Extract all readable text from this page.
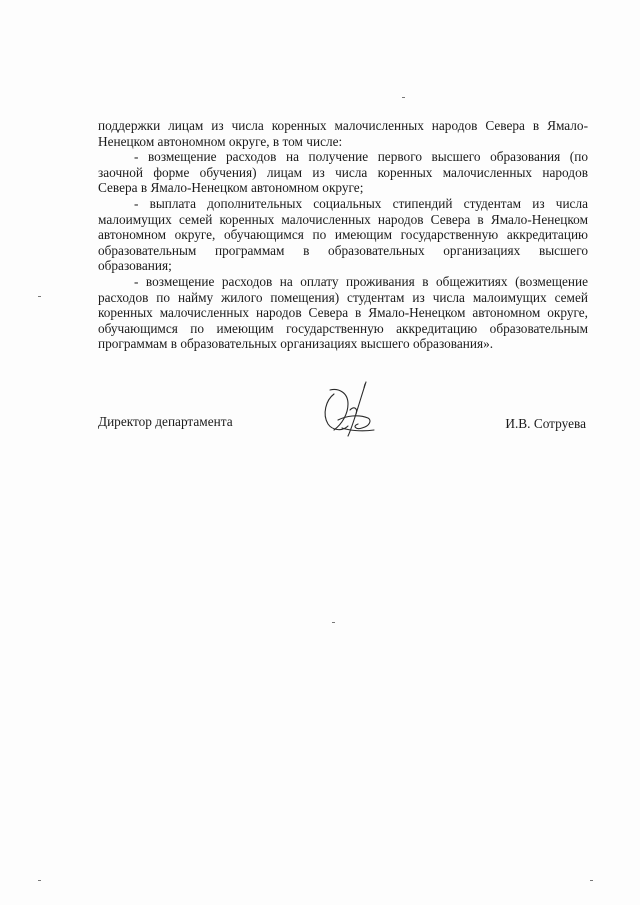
поддержки лицам из числа коренных малочисленных народов Севера в Ямало-
Ненецком автономном округе, в том числе:
- возмещение расходов на получение первого высшего образования (по
заочной форме обучения) лицам из числа коренных малочисленных народов
Севера в Ямало-Ненецком автономном округе;
- выплата дополнительных социальных стипендий студентам из числа
малоимущих семей коренных малочисленных народов Севера в Ямало-Ненецком
автономном округе, обучающимся по имеющим государственную аккредитацию
образовательным программам в образовательных организациях высшего
образования;
- возмещение расходов на оплату проживания в общежитиях (возмещение
расходов по найму жилого помещения) студентам из числа малоимущих семей
коренных малочисленных народов Севера в Ямало-Ненецком автономном округе,
обучающимся по имеющим государственную аккредитацию образовательным
программам в образовательных организациях высшего образования».
Директор департамента	И.В. Сотруева
